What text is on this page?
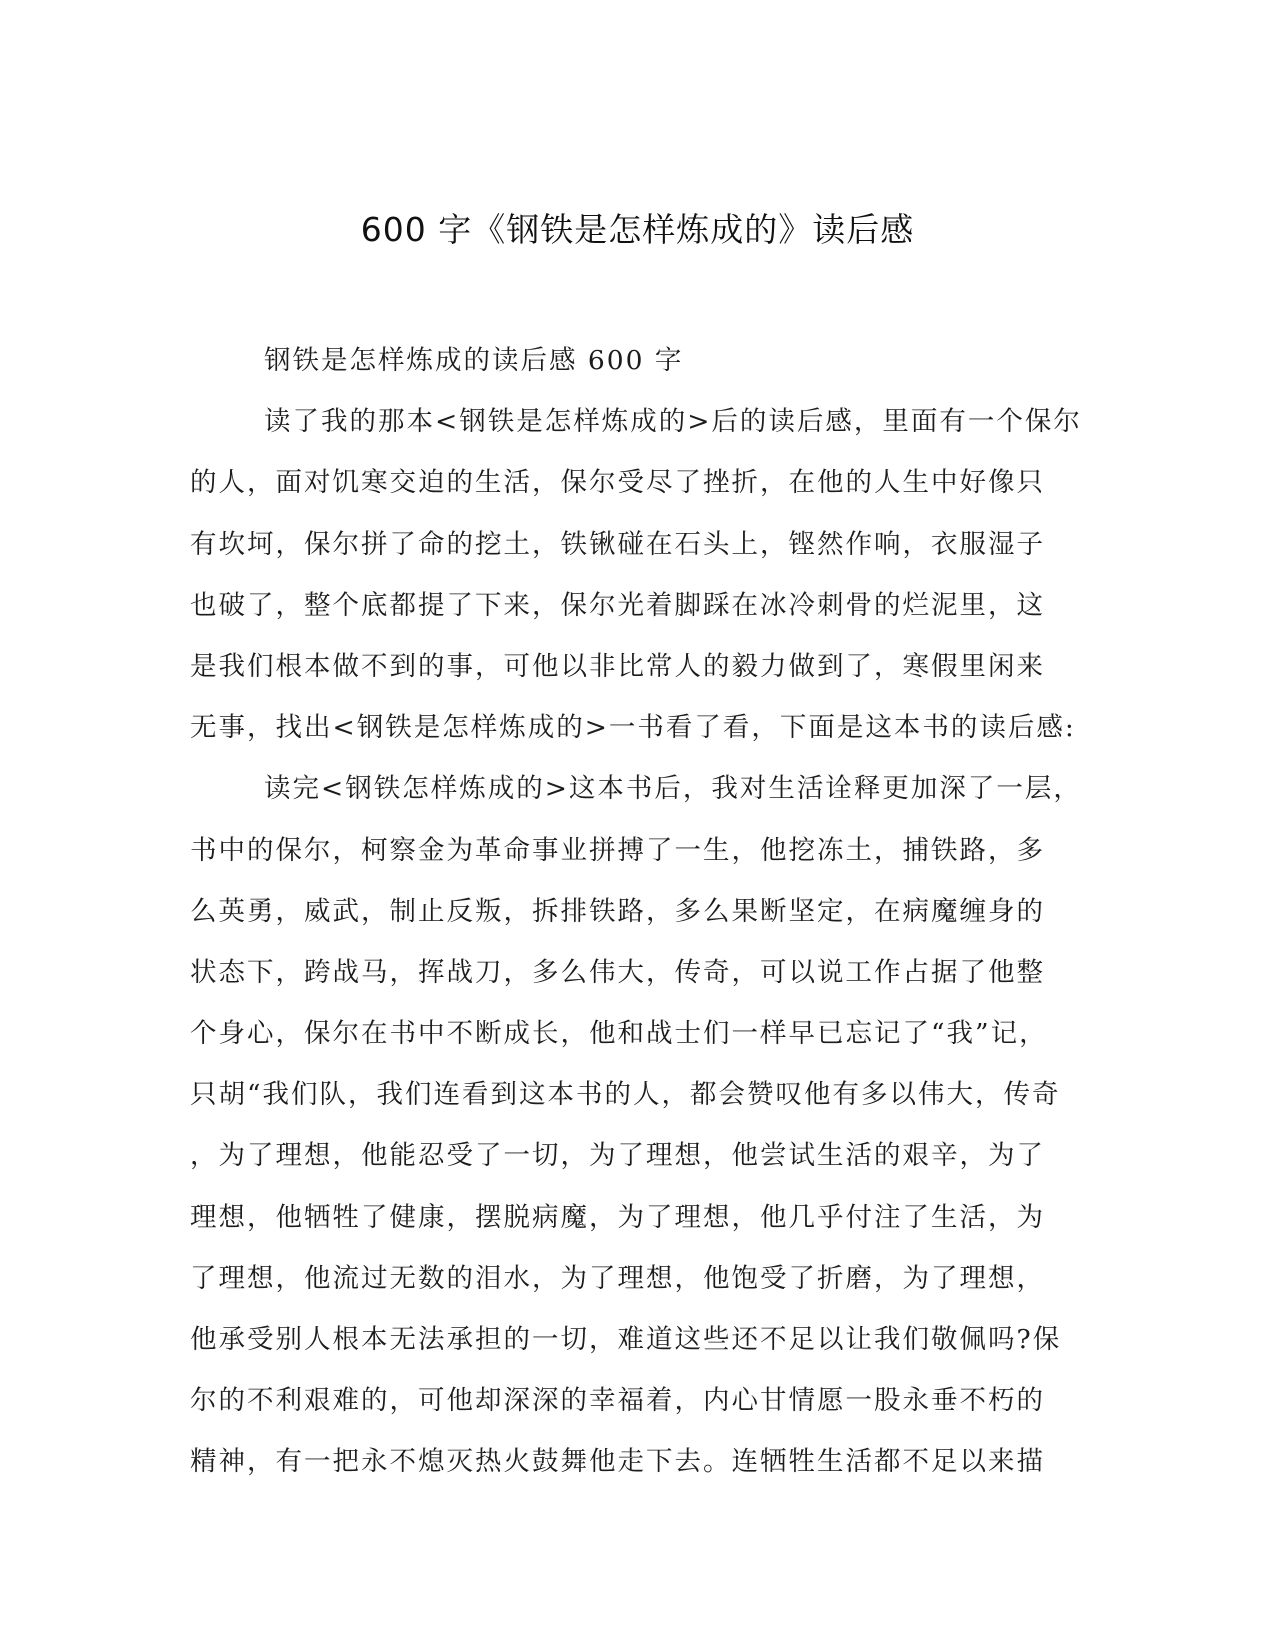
600 字《钢铁是怎样炼成的》读后感
钢铁是怎样炼成的读后感 600 字
读了我的那本<钢铁是怎样炼成的>后的读后感，里面有一个保尔
的人，面对饥寒交迫的生活，保尔受尽了挫折，在他的人生中好像只
有坎坷，保尔拼了命的挖土，铁锹碰在石头上，铿然作响，衣服湿子
也破了，整个底都提了下来，保尔光着脚踩在冰冷刺骨的烂泥里，这
是我们根本做不到的事，可他以非比常人的毅力做到了，寒假里闲来
无事，找出<钢铁是怎样炼成的>一书看了看，下面是这本书的读后感:
读完<钢铁怎样炼成的>这本书后，我对生活诠释更加深了一层，
书中的保尔，柯察金为革命事业拼搏了一生，他挖冻土，捕铁路，多
么英勇，威武，制止反叛，拆排铁路，多么果断坚定，在病魔缠身的
状态下，跨战马，挥战刀，多么伟大，传奇，可以说工作占据了他整
个身心，保尔在书中不断成长，他和战士们一样早已忘记了“我”记，
只胡“我们队，我们连看到这本书的人，都会赞叹他有多以伟大，传奇
，为了理想，他能忍受了一切，为了理想，他尝试生活的艰辛，为了
理想，他牺牲了健康，摆脱病魔，为了理想，他几乎付注了生活，为
了理想，他流过无数的泪水，为了理想，他饱受了折磨，为了理想，
他承受别人根本无法承担的一切，难道这些还不足以让我们敬佩吗?保
尔的不利艰难的，可他却深深的幸福着，内心甘情愿一股永垂不朽的
精神，有一把永不熄灭热火鼓舞他走下去。连牺牲生活都不足以来描
